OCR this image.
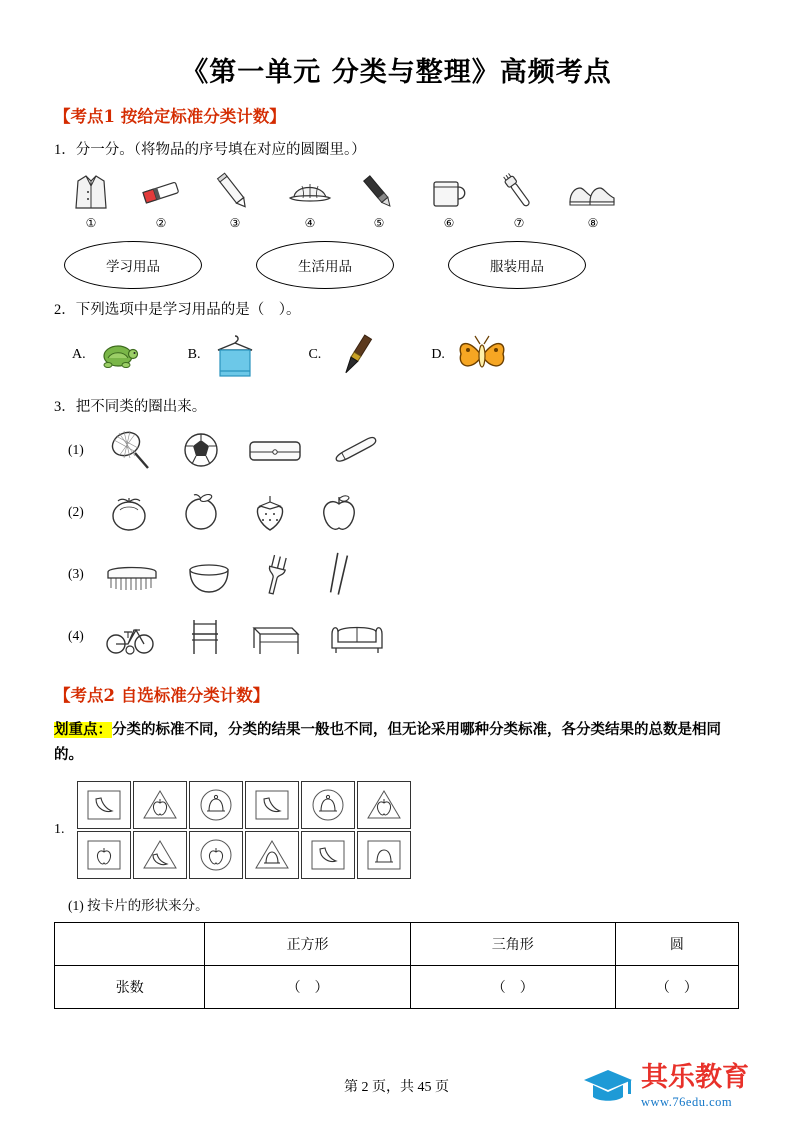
《第一单元 分类与整理》高频考点
【考点1 按给定标准分类计数】
1．分一分。（将物品的序号填在对应的圆圈里。）
①	②	③	④	⑤	⑥	⑦	⑧
学习用品	生活用品	服装用品
2．下列选项中是学习用品的是（　）。
A.	B.	C.	D.
3．把不同类的圈出来。
(1)
(2)
(3)
(4)
【考点2 自选标准分类计数】
划重点：分类的标准不同，分类的结果一般也不同，但无论采用哪种分类标准，各分类结果的总数是相同的。
1.
(1) 按卡片的形状来分。
	正方形	三角形	圆
张数	（　）	（　）	（　）
第 2 页，共 45 页	其乐教育
www.76edu.com
